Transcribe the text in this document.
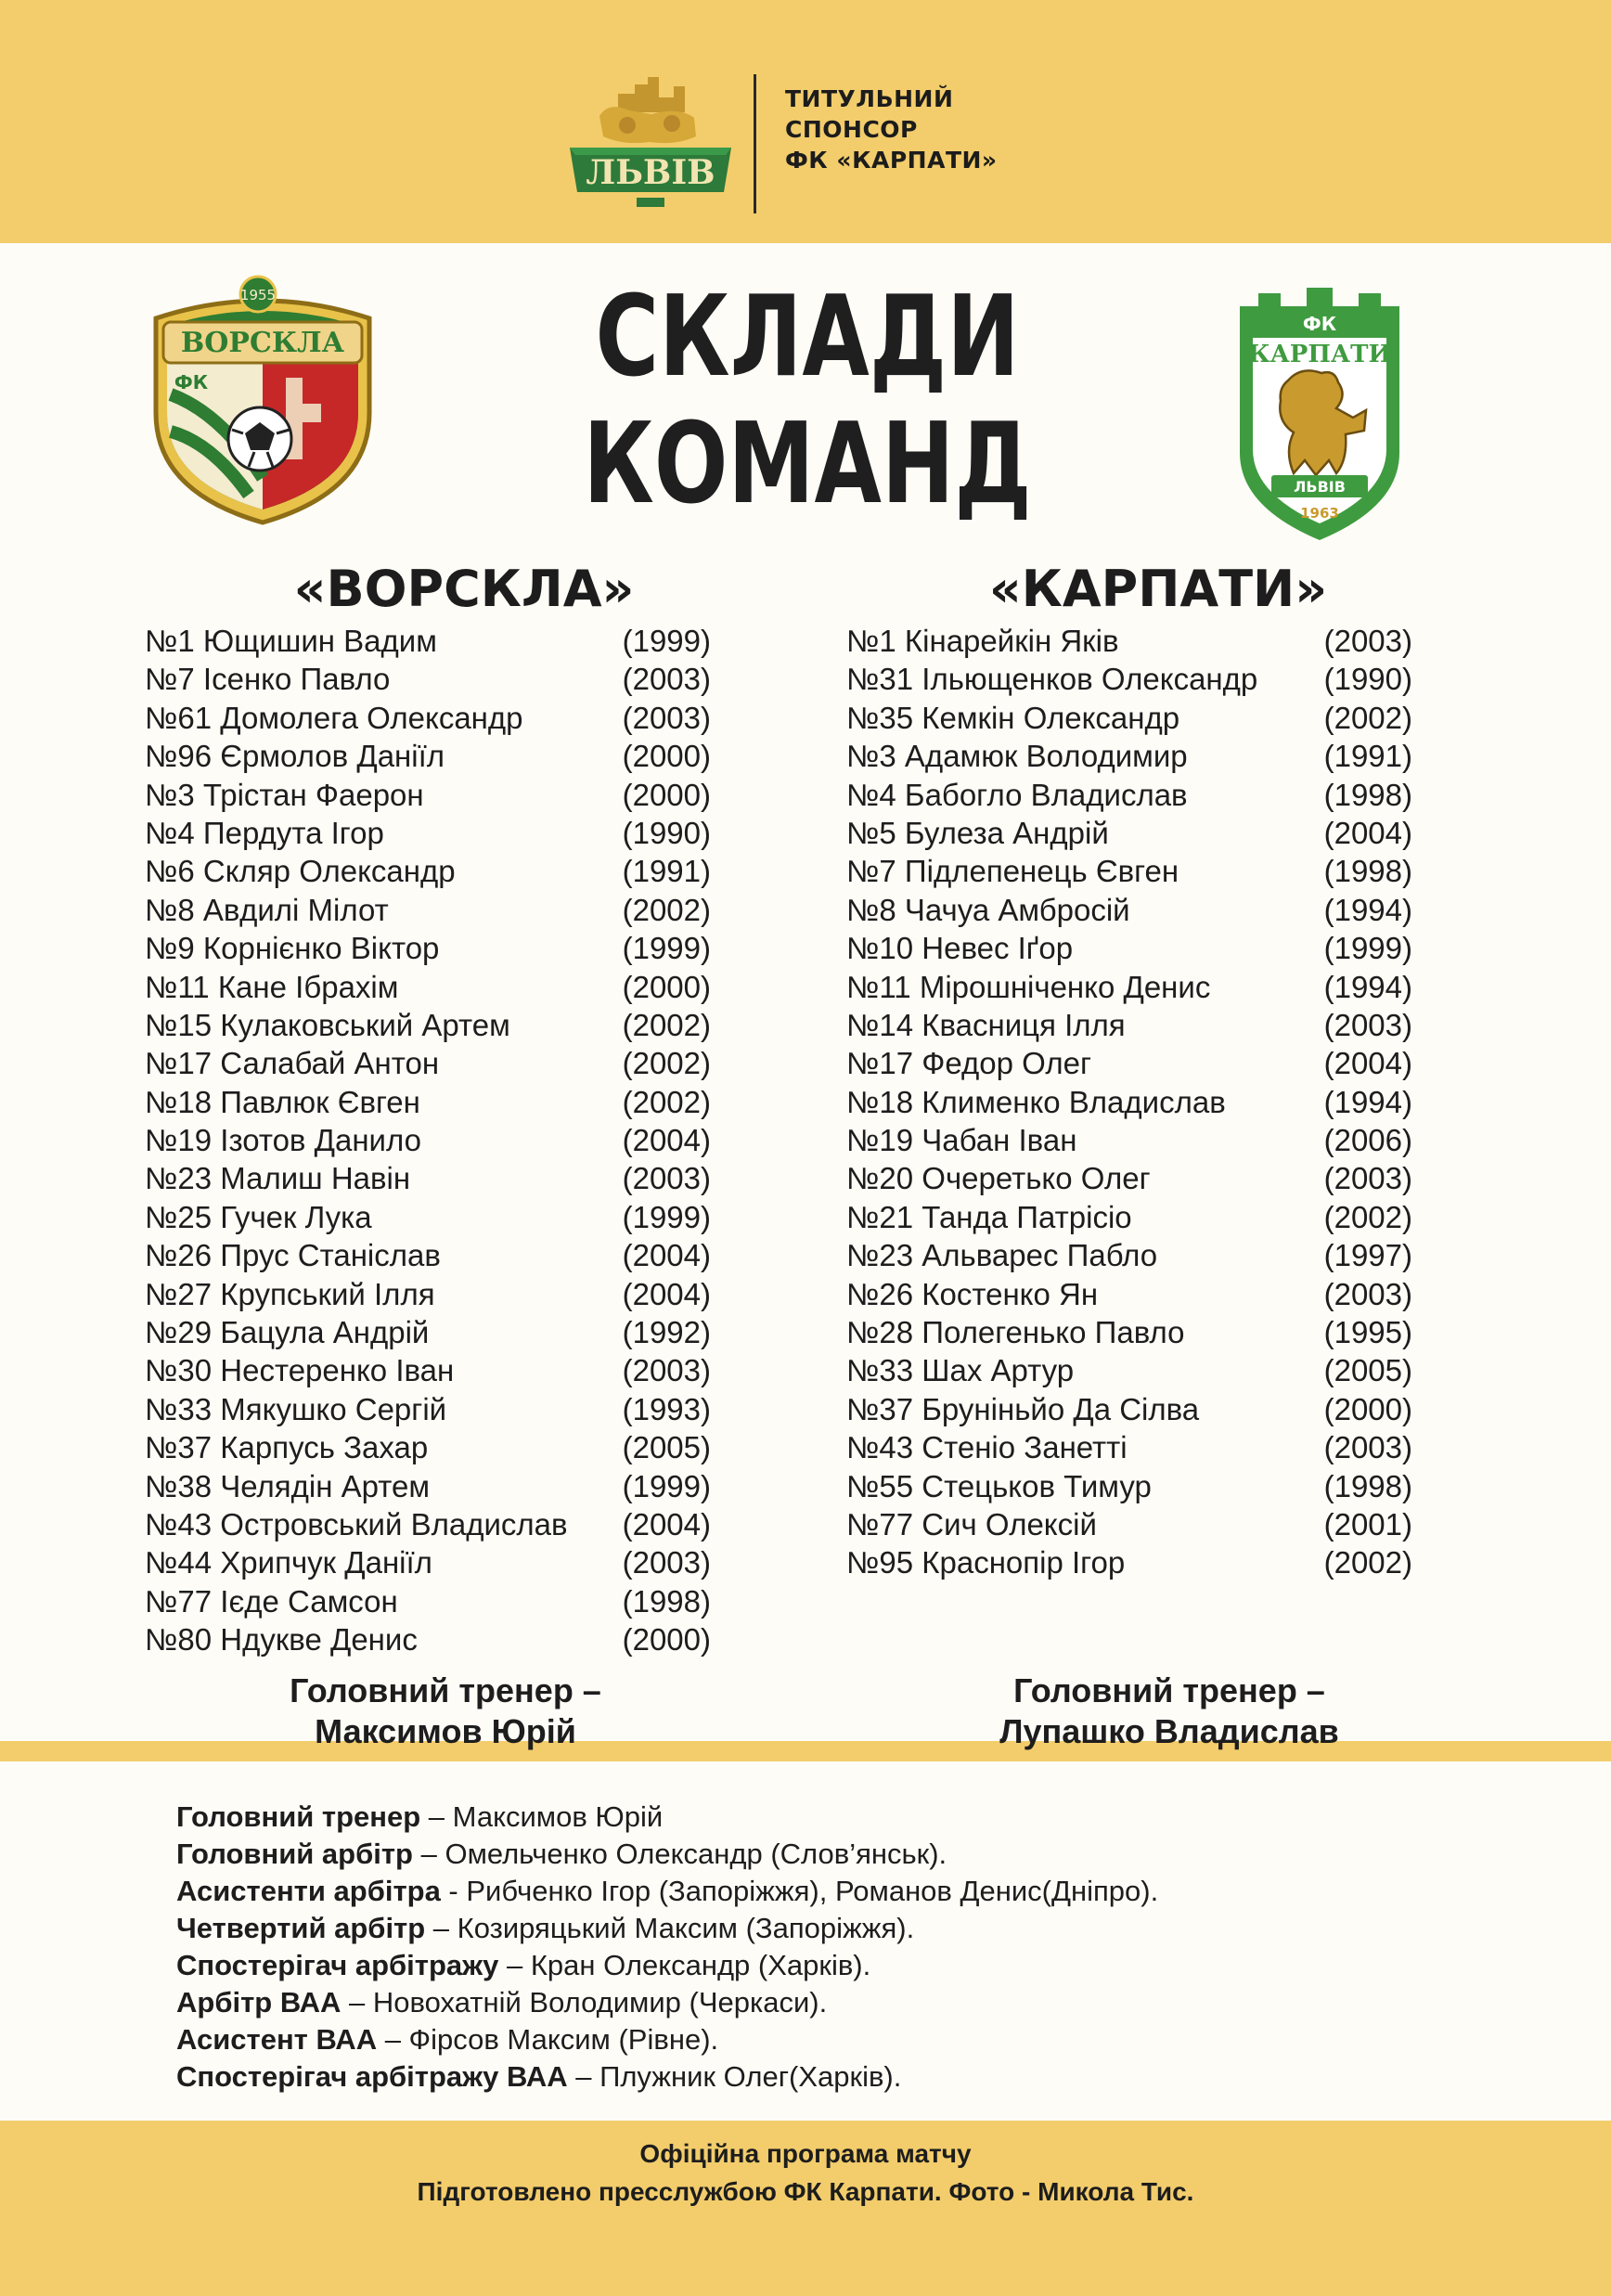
ЛЬВІВ
ТИТУЛЬНИЙ
СПОНСОР
ФК «КАРПАТИ»
ВОРСКЛА
1955
ФК
ФК
КАРПАТИ
ЛЬВІВ
1963
СКЛАДИ
КОМАНД
«ВОРСКЛА»	«КАРПАТИ»
№1 Ющишин Вадим	(1999)
№7 Ісенко Павло	(2003)
№61 Домолега Олександр	(2003)
№96 Єрмолов Даніїл	(2000)
№3 Трістан Фаерон	(2000)
№4 Пердута Ігор	(1990)
№6 Скляр Олександр	(1991)
№8 Авдилі Мілот	(2002)
№9 Корнієнко Віктор	(1999)
№11 Кане Ібрахім	(2000)
№15 Кулаковський Артем	(2002)
№17 Салабай Антон	(2002)
№18 Павлюк Євген	(2002)
№19 Ізотов Данило	(2004)
№23 Малиш Навін	(2003)
№25 Гучек Лука	(1999)
№26 Прус Станіслав	(2004)
№27 Крупський Ілля	(2004)
№29 Бацула Андрій	(1992)
№30 Нестеренко Іван	(2003)
№33 Мякушко Сергій	(1993)
№37 Карпусь Захар	(2005)
№38 Челядін Артем	(1999)
№43 Островський Владислав (2004)
№44 Хрипчук Даніїл	(2003)
№77 Ієде Самсон	(1998)
№80 Ндукве Денис	(2000)
№1 Кінарейкін Яків	(2003)
№31 Ільющенков Олександр (1990)
№35 Кемкін Олександр	(2002)
№3 Адамюк Володимир	(1991)
№4 Бабогло Владислав	(1998)
№5 Булеза Андрій	(2004)
№7 Підлепенець Євген	(1998)
№8 Чачуа Амбросій	(1994)
№10 Невес Іґор	(1999)
№11 Мірошніченко Денис	(1994)
№14 Квасниця Ілля	(2003)
№17 Федор Олег	(2004)
№18 Клименко Владислав	(1994)
№19 Чабан Іван	(2006)
№20 Очеретько Олег	(2003)
№21 Танда Патрісіо	(2002)
№23 Альварес Пабло	(1997)
№26 Костенко Ян	(2003)
№28 Полегенько Павло	(1995)
№33 Шах Артур	(2005)
№37 Бруніньйо Да Сілва	(2000)
№43 Стеніо Занетті	(2003)
№55 Стецьков Тимур	(1998)
№77 Сич Олексій	(2001)
№95 Краснопір Ігор	(2002)
Головний тренер –
Максимов Юрій
Головний тренер –
Лупашко Владислав
Головний тренер – Максимов Юрій
Головний арбітр – Омельченко Олександр (Слов’янськ).
Асистенти арбітра - Рибченко Ігор (Запоріжжя), Романов Денис(Дніпро).
Четвертий арбітр – Козиряцький Максим (Запоріжжя).
Спостерігач арбітражу – Кран Олександр (Харків).
Арбітр ВАА – Новохатній Володимир (Черкаси).
Асистент ВАА – Фірсов Максим (Рівне).
Спостерігач арбітражу ВАА – Плужник Олег(Харків).
Офіційна програма матчу
Підготовлено пресслужбою ФК Карпати. Фото - Микола Тис.
